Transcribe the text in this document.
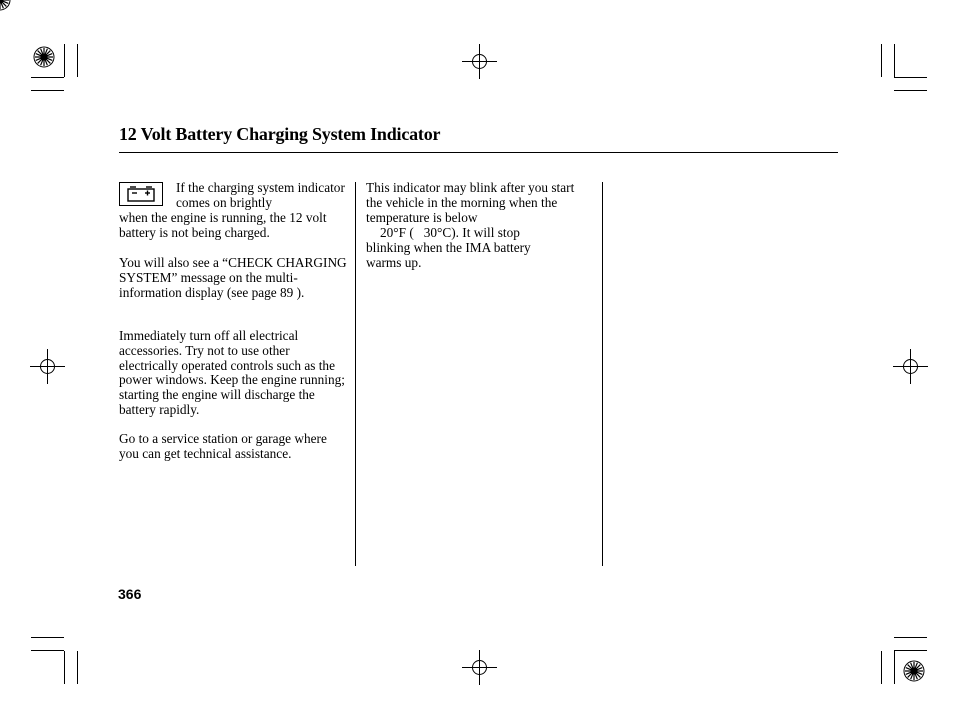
12 Volt Battery Charging System Indicator
If the charging system indicator comes on brightly
when the engine is running, the 12 volt battery is not being charged.
You will also see a “CHECK CHARGING SYSTEM” message on the multi-information display (see page 89 ).
Immediately turn off all electrical accessories. Try not to use other electrically operated controls such as the power windows. Keep the engine running; starting the engine will discharge the battery rapidly.
Go to a service station or garage where you can get technical assistance.
This indicator may blink after you start the vehicle in the morning when the temperature is below
20°F (   30°C). It will stop
blinking when the IMA battery warms up.
366
